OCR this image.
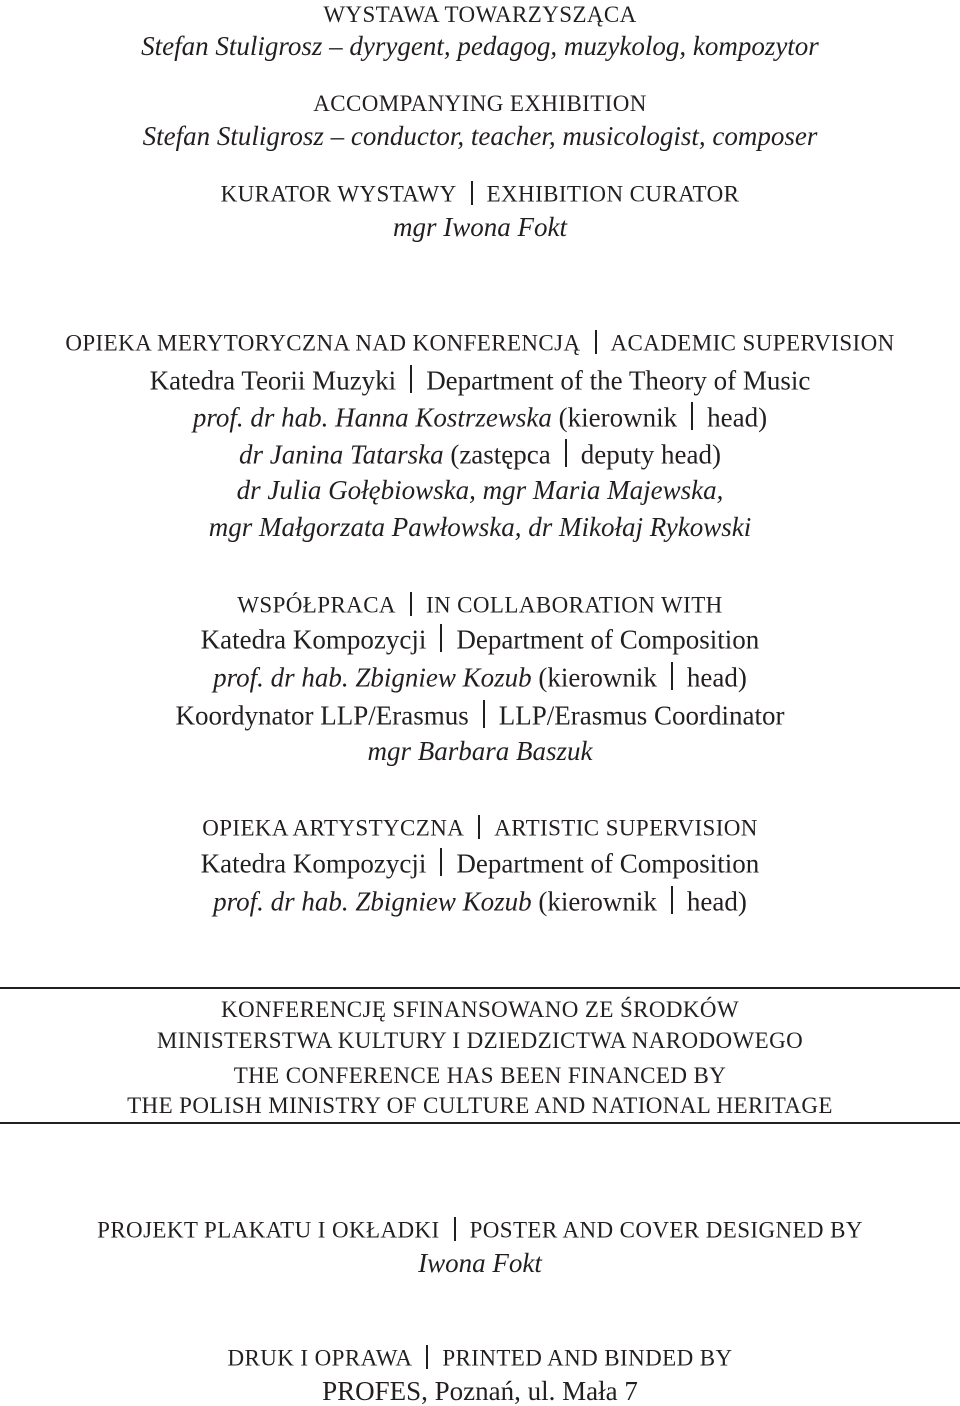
WYSTAWA TOWARZYSZĄCA
Stefan Stuligrosz – dyrygent, pedagog, muzykolog, kompozytor
ACCOMPANYING EXHIBITION
Stefan Stuligrosz – conductor, teacher, musicologist, composer
KURATOR WYSTAWY EXHIBITION CURATOR
mgr Iwona Fokt
OPIEKA MERYTORYCZNA NAD KONFERENCJĄ ACADEMIC SUPERVISION
Katedra Teorii Muzyki Department of the Theory of Music
prof. dr hab. Hanna Kostrzewska (kierownik head)
dr Janina Tatarska (zastępca deputy head)
dr Julia Gołębiowska, mgr Maria Majewska,
mgr Małgorzata Pawłowska, dr Mikołaj Rykowski
WSPÓŁPRACA IN COLLABORATION WITH
Katedra Kompozycji Department of Composition
prof. dr hab. Zbigniew Kozub (kierownik head)
Koordynator LLP/Erasmus LLP/Erasmus Coordinator
mgr Barbara Baszuk
OPIEKA ARTYSTYCZNA ARTISTIC SUPERVISION
Katedra Kompozycji Department of Composition
prof. dr hab. Zbigniew Kozub (kierownik head)
KONFERENCJĘ SFINANSOWANO ZE ŚRODKÓW
MINISTERSTWA KULTURY I DZIEDZICTWA NARODOWEGO
THE CONFERENCE HAS BEEN FINANCED BY
THE POLISH MINISTRY OF CULTURE AND NATIONAL HERITAGE
PROJEKT PLAKATU I OKŁADKI POSTER AND COVER DESIGNED BY
Iwona Fokt
DRUK I OPRAWA PRINTED AND BINDED BY
PROFES, Poznań, ul. Mała 7
